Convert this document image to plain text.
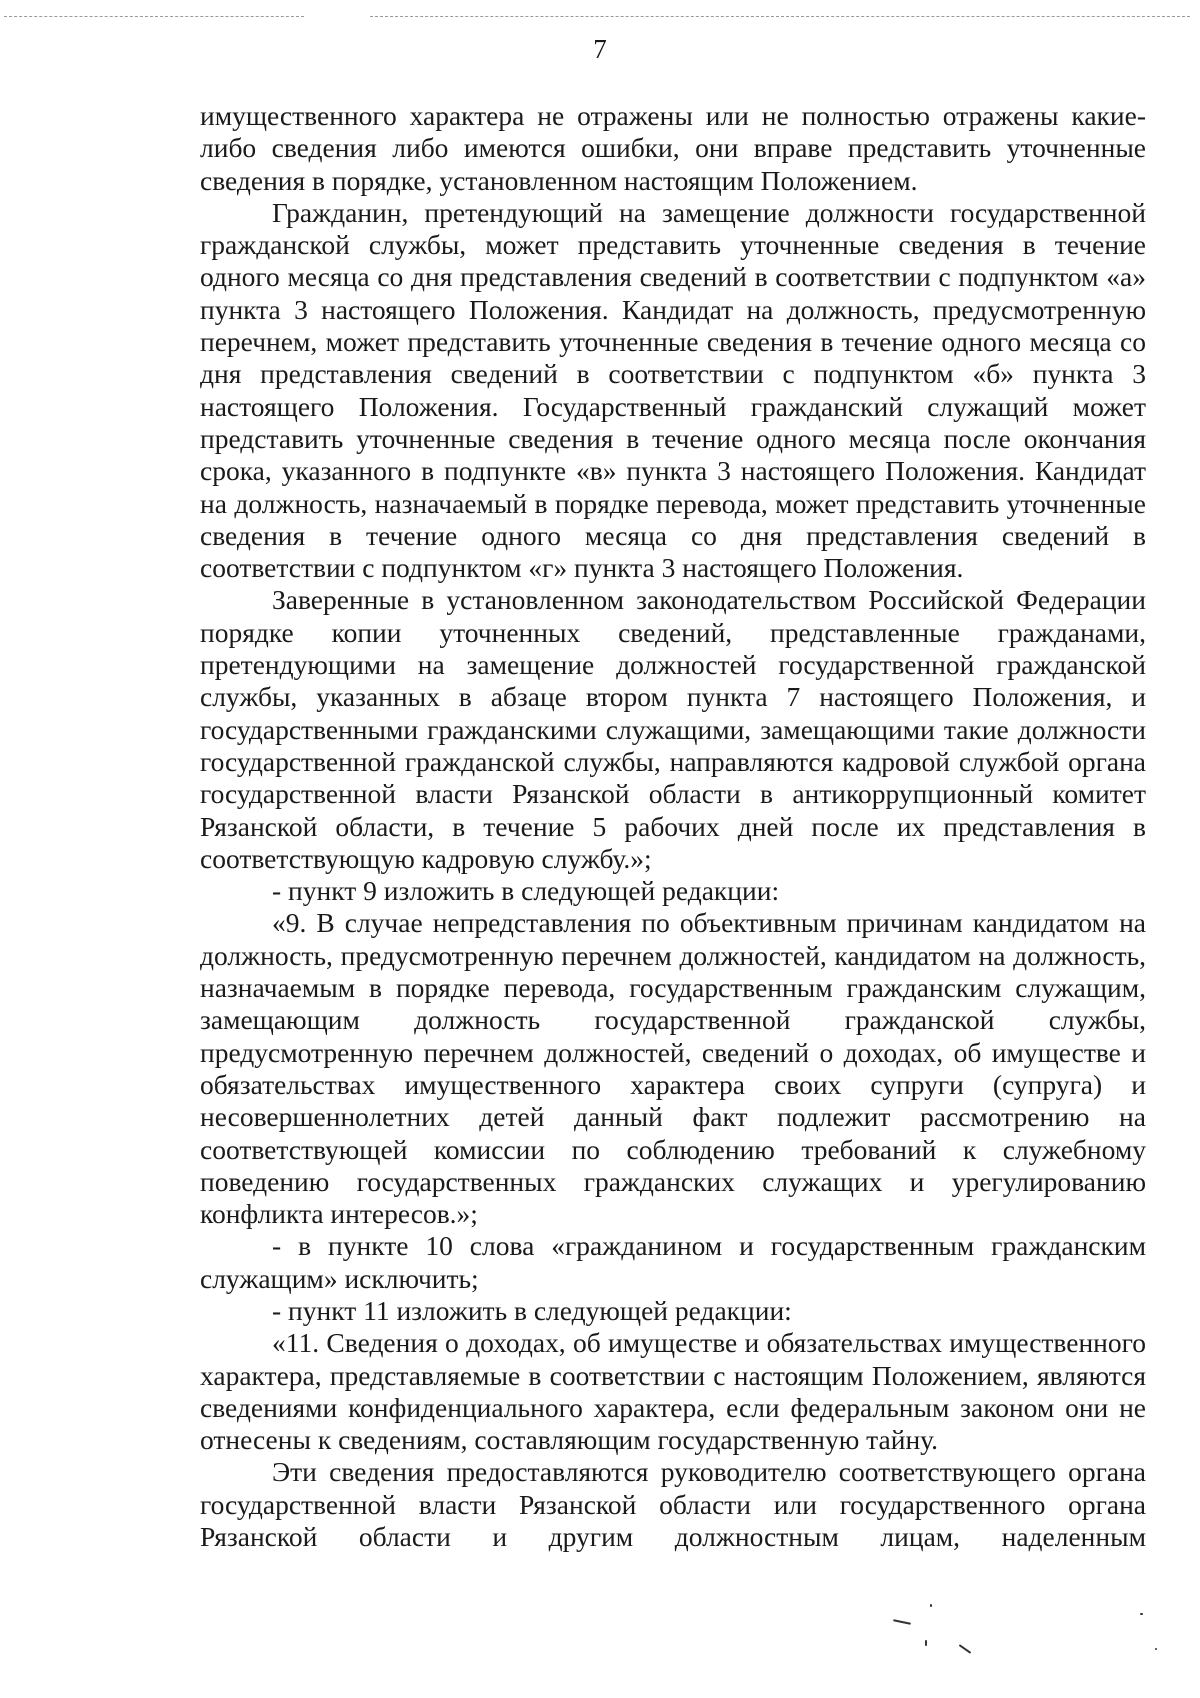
7

имущественного характера не отражены или не полностью отражены какие-либо сведения либо имеются ошибки, они вправе представить уточненные сведения в порядке, установленном настоящим Положением.

Гражданин, претендующий на замещение должности государственной гражданской службы, может представить уточненные сведения в течение одного месяца со дня представления сведений в соответствии с подпунктом «а» пункта 3 настоящего Положения. Кандидат на должность, предусмотренную перечнем, может представить уточненные сведения в течение одного месяца со дня представления сведений в соответствии с подпунктом «б» пункта 3 настоящего Положения. Государственный гражданский служащий может представить уточненные сведения в течение одного месяца после окончания срока, указанного в подпункте «в» пункта 3 настоящего Положения. Кандидат на должность, назначаемый в порядке перевода, может представить уточненные сведения в течение одного месяца со дня представления сведений в соответствии с подпунктом «г» пункта 3 настоящего Положения.

Заверенные в установленном законодательством Российской Федерации порядке копии уточненных сведений, представленные гражданами, претендующими на замещение должностей государственной гражданской службы, указанных в абзаце втором пункта 7 настоящего Положения, и государственными гражданскими служащими, замещающими такие должности государственной гражданской службы, направляются кадровой службой органа государственной власти Рязанской области в антикоррупционный комитет Рязанской области, в течение 5 рабочих дней после их представления в соответствующую кадровую службу.»;

- пункт 9 изложить в следующей редакции:

«9. В случае непредставления по объективным причинам кандидатом на должность, предусмотренную перечнем должностей, кандидатом на должность, назначаемым в порядке перевода, государственным гражданским служащим, замещающим должность государственной гражданской службы, предусмотренную перечнем должностей, сведений о доходах, об имуществе и обязательствах имущественного характера своих супруги (супруга) и несовершеннолетних детей данный факт подлежит рассмотрению на соответствующей комиссии по соблюдению требований к служебному поведению государственных гражданских служащих и урегулированию конфликта интересов.»;

- в пункте 10 слова «гражданином и государственным гражданским служащим» исключить;

- пункт 11 изложить в следующей редакции:

«11. Сведения о доходах, об имуществе и обязательствах имущественного характера, представляемые в соответствии с настоящим Положением, являются сведениями конфиденциального характера, если федеральным законом они не отнесены к сведениям, составляющим государственную тайну.

Эти сведения предоставляются руководителю соответствующего органа государственной власти Рязанской области или государственного органа Рязанской области и другим должностным лицам, наделенным
